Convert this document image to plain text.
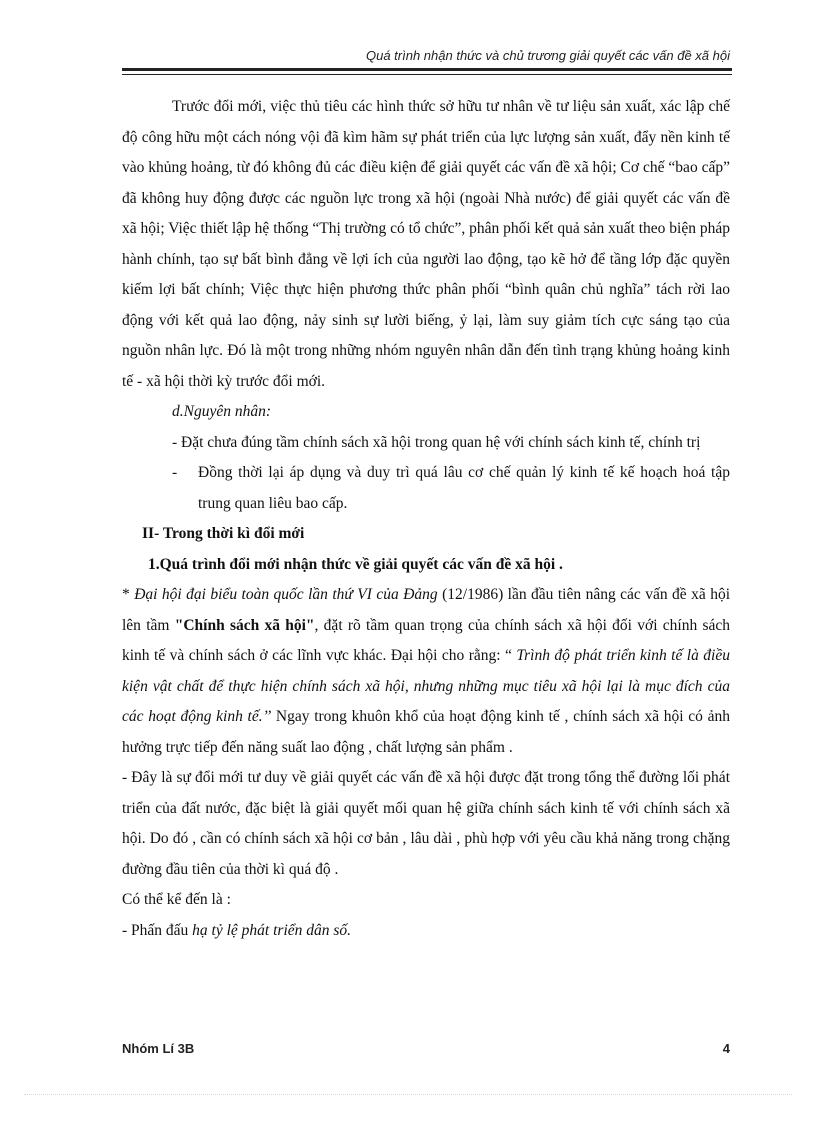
Quá trình nhận thức và chủ trương giải quyết các vấn đề xã hội

Trước đổi mới, việc thủ tiêu các hình thức sở hữu tư nhân về tư liệu sản xuất, xác lập chế độ công hữu một cách nóng vội đã kìm hãm sự phát triển của lực lượng sản xuất, đẩy nền kinh tế vào khủng hoảng, từ đó không đủ các điều kiện để giải quyết các vấn đề xã hội; Cơ chế “bao cấp” đã không huy động được các nguồn lực trong xã hội (ngoài Nhà nước) để giải quyết các vấn đề xã hội; Việc thiết lập hệ thống “Thị trường có tổ chức”, phân phối kết quả sản xuất theo biện pháp hành chính, tạo sự bất bình đẳng về lợi ích của người lao động, tạo kẽ hở để tầng lớp đặc quyền kiếm lợi bất chính; Việc thực hiện phương thức phân phối “bình quân chủ nghĩa” tách rời lao động với kết quả lao động, nảy sinh sự lười biếng, ỷ lại, làm suy giảm tích cực sáng tạo của nguồn nhân lực. Đó là một trong những nhóm nguyên nhân dẫn đến tình trạng khủng hoảng kinh tế - xã hội thời kỳ trước đổi mới.

d.Nguyên nhân:

- Đặt chưa đúng tầm chính sách xã hội trong quan hệ với chính sách kinh tế, chính trị

-	Đồng thời lại áp dụng và duy trì quá lâu cơ chế quản lý kinh tế kế hoạch hoá tập trung quan liêu bao cấp.

II- Trong thời kì đổi mới

1.Quá trình đổi mới nhận thức về giải quyết các vấn đề xã hội .

* Đại hội đại biểu toàn quốc lần thứ VI của Đảng (12/1986) lần đầu tiên nâng các vấn đề xã hội lên tầm "Chính sách xã hội", đặt rõ tầm quan trọng của chính sách xã hội đối với chính sách kinh tế và chính sách ở các lĩnh vực khác. Đại hội cho rằng: “ Trình độ phát triển kinh tế là điều kiện vật chất để thực hiện chính sách xã hội, nhưng những mục tiêu xã hội lại là mục đích của các hoạt động kinh tế.’’ Ngay trong khuôn khổ của hoạt động kinh tế , chính sách xã hội có ảnh hưởng trực tiếp đến năng suất lao động , chất lượng sản phẩm .

- Đây là sự đổi mới tư duy về giải quyết các vấn đề xã hội được đặt trong tổng thể đường lối phát triển của đất nước, đặc biệt là giải quyết mối quan hệ giữa chính sách kinh tế với chính sách xã hội. Do đó , cần có chính sách xã hội cơ bản , lâu dài , phù hợp với yêu cầu khả năng trong chặng đường đầu tiên của thời kì quá độ .

Có thể kể đến là :

- Phấn đấu hạ tỷ lệ phát triển dân số.

Nhóm Lí 3B	4
